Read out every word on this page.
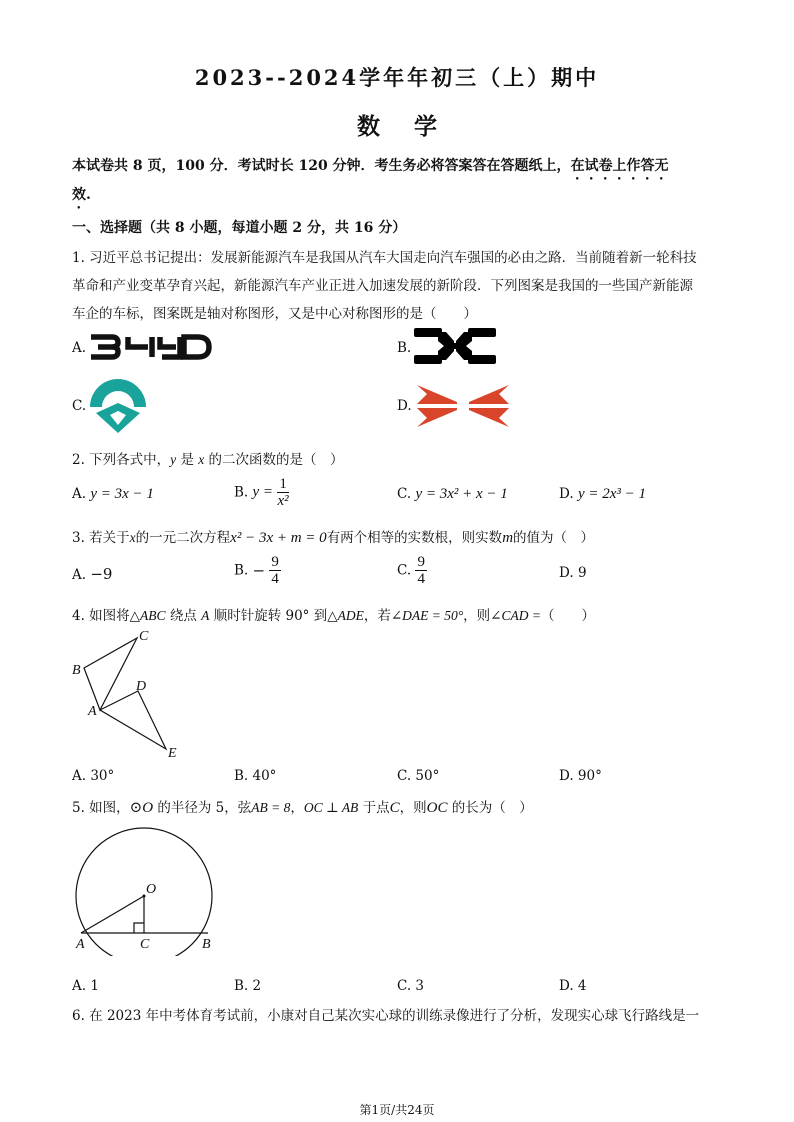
2023--2024学年年初三（上）期中
数学
本试卷共 8 页，100 分．考试时长 120 分钟．考生务必将答案答在答题纸上，在试卷上作答无
效.
一、选择题（共 8 小题，每道小题 2 分，共 16 分）
1. 习近平总书记提出：发展新能源汽车是我国从汽车大国走向汽车强国的必由之路．当前随着新一轮科技
革命和产业变革孕育兴起，新能源汽车产业正进入加速发展的新阶段．下列图案是我国的一些国产新能源
车企的车标，图案既是轴对称图形，又是中心对称图形的是（　　）
A.	B.
C.	D.
2. 下列各式中，y 是 x 的二次函数的是（　）
A. y = 3x − 1	B. $y = \frac{1}{\text{x²}}$	C. y = 3x² + x − 1	D. y = 2x³ − 1
3. 若关于x的一元二次方程x² − 3x + m = 0有两个相等的实数根，则实数m的值为（　）
A. −9	B. − $\frac{9}{4}$	C. $\frac{9}{4}$	D. 9
4. 如图将△ABC 绕点 A 顺时针旋转 90° 到△ADE，若∠DAE = 50°，则∠CAD =（　　）
A
B
C
D
E
A. 30°	B. 40°	C. 50°	D. 90°
5. 如图，⊙O 的半径为 5，弦AB = 8，OC ⊥ AB 于点C，则OC 的长为（　）
O
A	C	B
A. 1	B. 2	C. 3	D. 4
6. 在 2023 年中考体育考试前，小康对自己某次实心球的训练录像进行了分析，发现实心球飞行路线是一
第1页/共24页
